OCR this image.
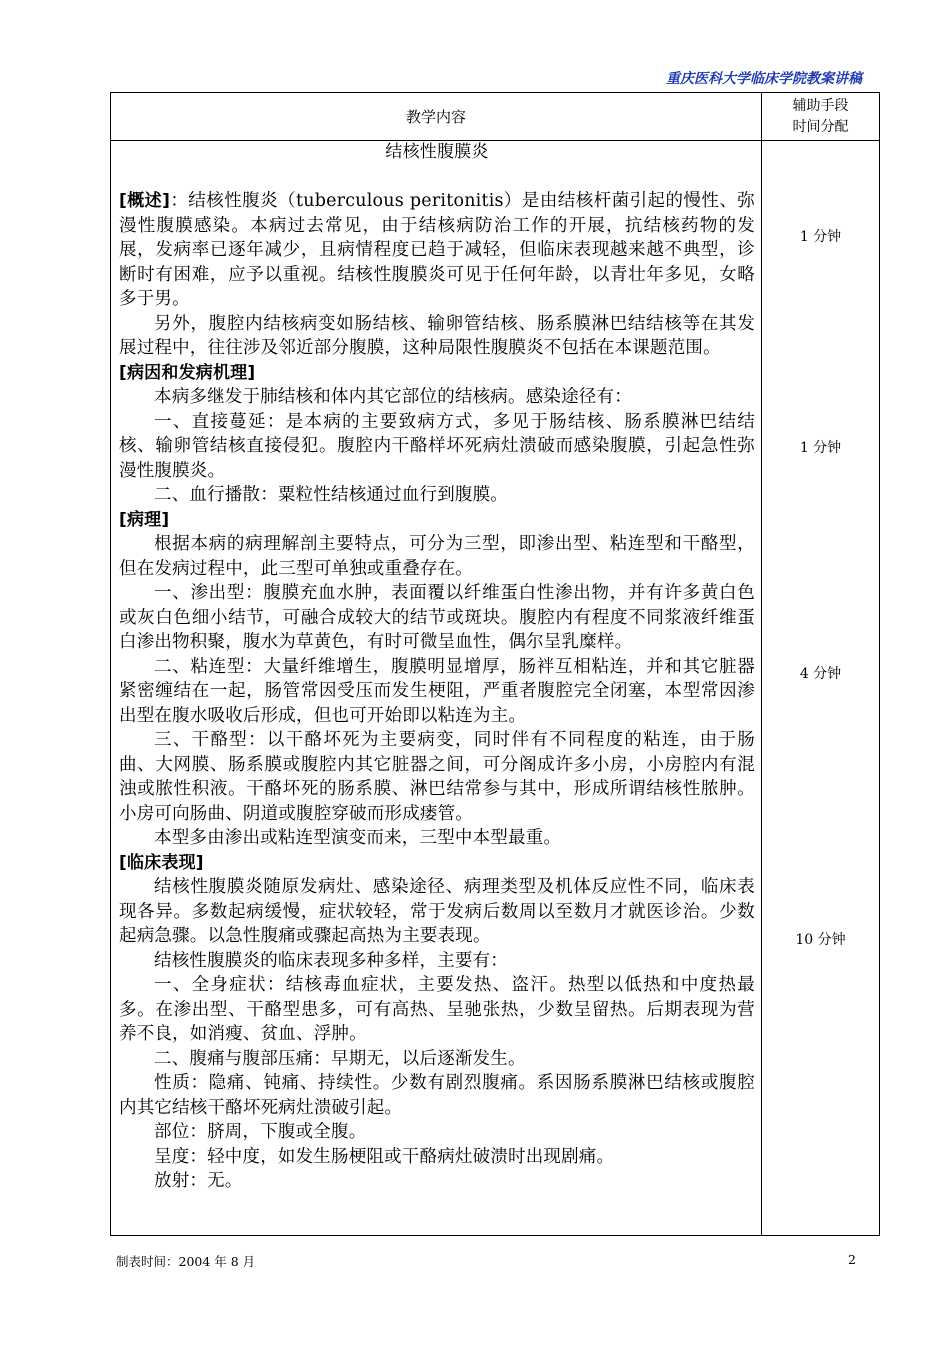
重庆医科大学临床学院教案讲稿
教学内容
辅助手段
时间分配

结核性腹膜炎

[概述]：结核性腹炎（tuberculous peritonitis）是由结核杆菌引起的慢性、弥漫性腹膜感染。本病过去常见，由于结核病防治工作的开展，抗结核药物的发展，发病率已逐年减少，且病情程度已趋于减轻，但临床表现越来越不典型，诊断时有困难，应予以重视。结核性腹膜炎可见于任何年龄，以青壮年多见，女略多于男。

另外，腹腔内结核病变如肠结核、输卵管结核、肠系膜淋巴结结核等在其发展过程中，往往涉及邻近部分腹膜，这种局限性腹膜炎不包括在本课题范围。

[病因和发病机理]

本病多继发于肺结核和体内其它部位的结核病。感染途径有：

一、直接蔓延：是本病的主要致病方式，多见于肠结核、肠系膜淋巴结结核、输卵管结核直接侵犯。腹腔内干酪样坏死病灶溃破而感染腹膜，引起急性弥漫性腹膜炎。

二、血行播散：粟粒性结核通过血行到腹膜。

[病理]

根据本病的病理解剖主要特点，可分为三型，即渗出型、粘连型和干酪型，但在发病过程中，此三型可单独或重叠存在。

一、渗出型：腹膜充血水肿，表面覆以纤维蛋白性渗出物，并有许多黄白色或灰白色细小结节，可融合成较大的结节或斑块。腹腔内有程度不同浆液纤维蛋白渗出物积聚，腹水为草黄色，有时可微呈血性，偶尔呈乳糜样。

二、粘连型：大量纤维增生，腹膜明显增厚，肠袢互相粘连，并和其它脏器紧密缠结在一起，肠管常因受压而发生梗阻，严重者腹腔完全闭塞，本型常因渗出型在腹水吸收后形成，但也可开始即以粘连为主。

三、干酪型：以干酪坏死为主要病变，同时伴有不同程度的粘连，由于肠曲、大网膜、肠系膜或腹腔内其它脏器之间，可分阁成许多小房，小房腔内有混浊或脓性积液。干酪坏死的肠系膜、淋巴结常参与其中，形成所谓结核性脓肿。小房可向肠曲、阴道或腹腔穿破而形成瘘管。

本型多由渗出或粘连型演变而来，三型中本型最重。

[临床表现]

结核性腹膜炎随原发病灶、感染途径、病理类型及机体反应性不同，临床表现各异。多数起病缓慢，症状较轻，常于发病后数周以至数月才就医诊治。少数起病急骤。以急性腹痛或骤起高热为主要表现。

结核性腹膜炎的临床表现多种多样，主要有：

一、全身症状：结核毒血症状，主要发热、盗汗。热型以低热和中度热最多。在渗出型、干酪型患多，可有高热、呈驰张热，少数呈留热。后期表现为营养不良，如消瘦、贫血、浮肿。

二、腹痛与腹部压痛：早期无，以后逐渐发生。

性质：隐痛、钝痛、持续性。少数有剧烈腹痛。系因肠系膜淋巴结核或腹腔内其它结核干酪坏死病灶溃破引起。

部位：脐周，下腹或全腹。

呈度：轻中度，如发生肠梗阻或干酪病灶破溃时出现剧痛。

放射：无。

1 分钟
1 分钟
4 分钟
10 分钟
制表时间：2004 年 8 月	2
